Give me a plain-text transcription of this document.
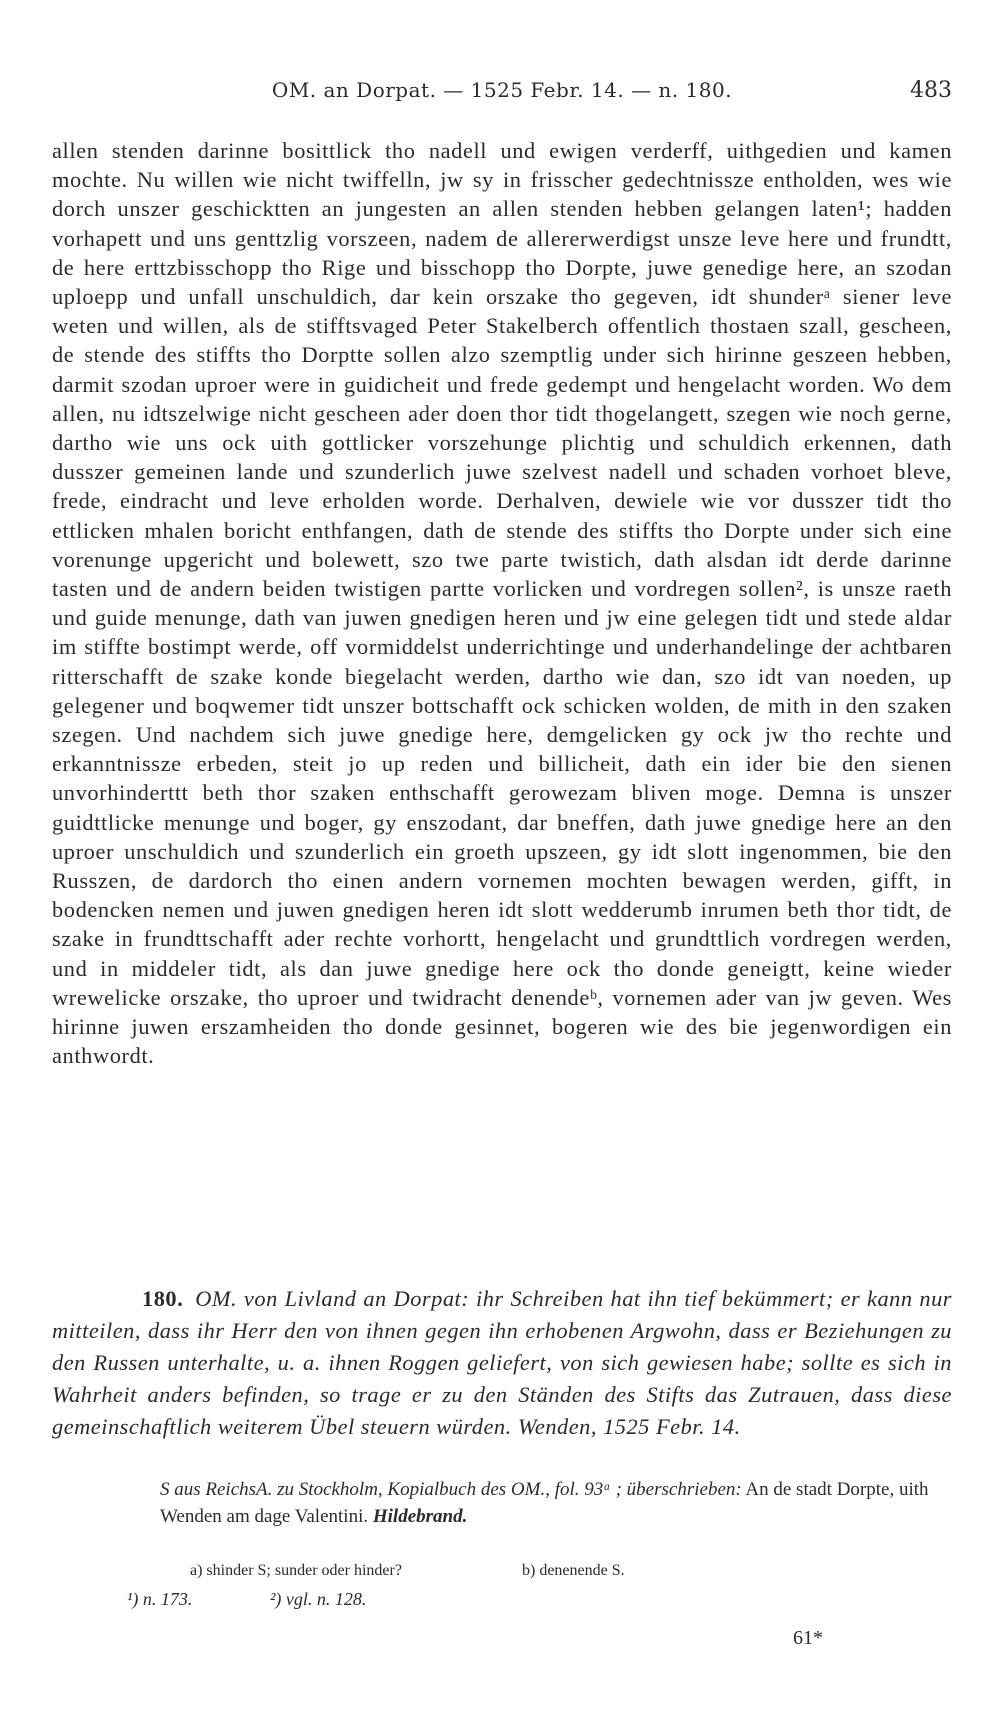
OM. an Dorpat. — 1525 Febr. 14. — n. 180.	483

allen stenden darinne bosittlick tho nadell und ewigen verderff, uithgedien und kamen mochte. Nu willen wie nicht twiffelln, jw sy in frisscher gedechtnissze entholden, wes wie dorch unszer geschicktten an jungesten an allen stenden hebben gelangen laten¹; hadden vorhapett und uns genttzlig vorszeen, nadem de allererwerdigst unsze leve here und frundtt, de here erttzbisschopp tho Rige und bisschopp tho Dorpte, juwe genedige here, an szodan uploepp und unfall unschuldich, dar kein orszake tho gegeven, idt shunderᵃ siener leve weten und willen, als de stifftsvaged Peter Stakelberch offentlich thostaen szall, gescheen, de stende des stiffts tho Dorptte sollen alzo szemptlig under sich hirinne geszeen hebben, darmit szodan uproer were in guidicheit und frede gedempt und hengelacht worden. Wo dem allen, nu idtszelwige nicht gescheen ader doen thor tidt thogelangett, szegen wie noch gerne, dartho wie uns ock uith gottlicker vorszehunge plichtig und schuldich erkennen, dath dusszer gemeinen lande und szunderlich juwe szelvest nadell und schaden vorhoet bleve, frede, eindracht und leve erholden worde. Derhalven, dewiele wie vor dusszer tidt tho ettlicken mhalen boricht enthfangen, dath de stende des stiffts tho Dorpte under sich eine vorenunge upgericht und bolewett, szo twe parte twistich, dath alsdan idt derde darinne tasten und de andern beiden twistigen partte vorlicken und vordregen sollen², is unsze raeth und guide menunge, dath van juwen gnedigen heren und jw eine gelegen tidt und stede aldar im stiffte bostimpt werde, off vormiddelst underrichtinge und underhandelinge der achtbaren ritterschafft de szake konde biegelacht werden, dartho wie dan, szo idt van noeden, up gelegener und boqwemer tidt unszer bottschafft ock schicken wolden, de mith in den szaken szegen. Und nachdem sich juwe gnedige here, demgelicken gy ock jw tho rechte und erkanntnissze erbeden, steit jo up reden und billicheit, dath ein ider bie den sienen unvorhinderttt beth thor szaken enthschafft gerowezam bliven moge. Demna is unszer guidttlicke menunge und boger, gy enszodant, dar bneffen, dath juwe gnedige here an den uproer unschuldich und szunderlich ein groeth upszeen, gy idt slott ingenommen, bie den Russzen, de dardorch tho einen andern vornemen mochten bewagen werden, gifft, in bodencken nemen und juwen gnedigen heren idt slott wedderumb inrumen beth thor tidt, de szake in frundttschafft ader rechte vorhortt, hengelacht und grundttlich vordregen werden, und in middeler tidt, als dan juwe gnedige here ock tho donde geneigtt, keine wieder wrewelicke orszake, tho uproer und twidracht denendeᵇ, vornemen ader van jw geven. Wes hirinne juwen erszamheiden tho donde gesinnet, bogeren wie des bie jegenwordigen ein anthwordt.

180. OM. von Livland an Dorpat: ihr Schreiben hat ihn tief bekümmert; er kann nur mitteilen, dass ihr Herr den von ihnen gegen ihn erhobenen Argwohn, dass er Beziehungen zu den Russen unterhalte, u. a. ihnen Roggen geliefert, von sich gewiesen habe; sollte es sich in Wahrheit anders befinden, so trage er zu den Ständen des Stifts das Zutrauen, dass diese gemeinschaftlich weiterem Übel steuern würden. Wenden, 1525 Febr. 14.
S aus ReichsA. zu Stockholm, Kopialbuch des OM., fol. 93ᵃ ; überschrieben: An de stadt Dorpte, uith Wenden am dage Valentini. Hildebrand.
a) shinder S; sunder oder hinder?	b) denenende S.
¹) n. 173.	²) vgl. n. 128.
61*
